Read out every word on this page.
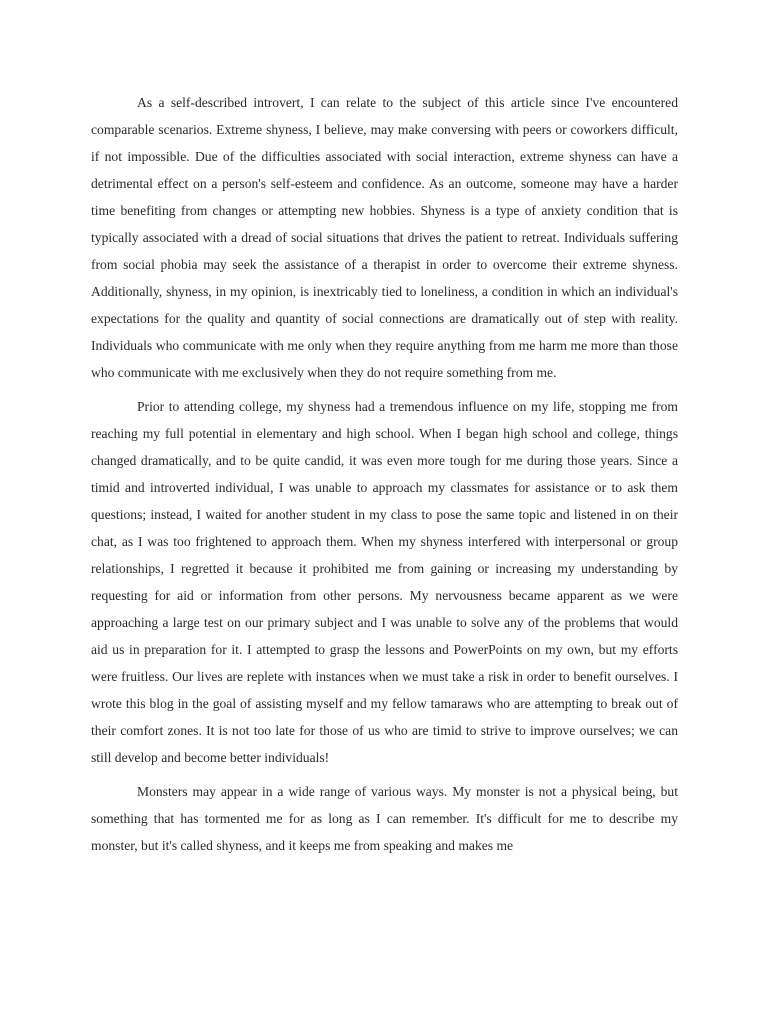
As a self-described introvert, I can relate to the subject of this article since I've encountered comparable scenarios. Extreme shyness, I believe, may make conversing with peers or coworkers difficult, if not impossible. Due of the difficulties associated with social interaction, extreme shyness can have a detrimental effect on a person's self-esteem and confidence. As an outcome, someone may have a harder time benefiting from changes or attempting new hobbies. Shyness is a type of anxiety condition that is typically associated with a dread of social situations that drives the patient to retreat. Individuals suffering from social phobia may seek the assistance of a therapist in order to overcome their extreme shyness. Additionally, shyness, in my opinion, is inextricably tied to loneliness, a condition in which an individual's expectations for the quality and quantity of social connections are dramatically out of step with reality. Individuals who communicate with me only when they require anything from me harm me more than those who communicate with me exclusively when they do not require something from me.

Prior to attending college, my shyness had a tremendous influence on my life, stopping me from reaching my full potential in elementary and high school. When I began high school and college, things changed dramatically, and to be quite candid, it was even more tough for me during those years. Since a timid and introverted individual, I was unable to approach my classmates for assistance or to ask them questions; instead, I waited for another student in my class to pose the same topic and listened in on their chat, as I was too frightened to approach them. When my shyness interfered with interpersonal or group relationships, I regretted it because it prohibited me from gaining or increasing my understanding by requesting for aid or information from other persons. My nervousness became apparent as we were approaching a large test on our primary subject and I was unable to solve any of the problems that would aid us in preparation for it. I attempted to grasp the lessons and PowerPoints on my own, but my efforts were fruitless. Our lives are replete with instances when we must take a risk in order to benefit ourselves. I wrote this blog in the goal of assisting myself and my fellow tamaraws who are attempting to break out of their comfort zones. It is not too late for those of us who are timid to strive to improve ourselves; we can still develop and become better individuals!

Monsters may appear in a wide range of various ways. My monster is not a physical being, but something that has tormented me for as long as I can remember. It's difficult for me to describe my monster, but it's called shyness, and it keeps me from speaking and makes me
